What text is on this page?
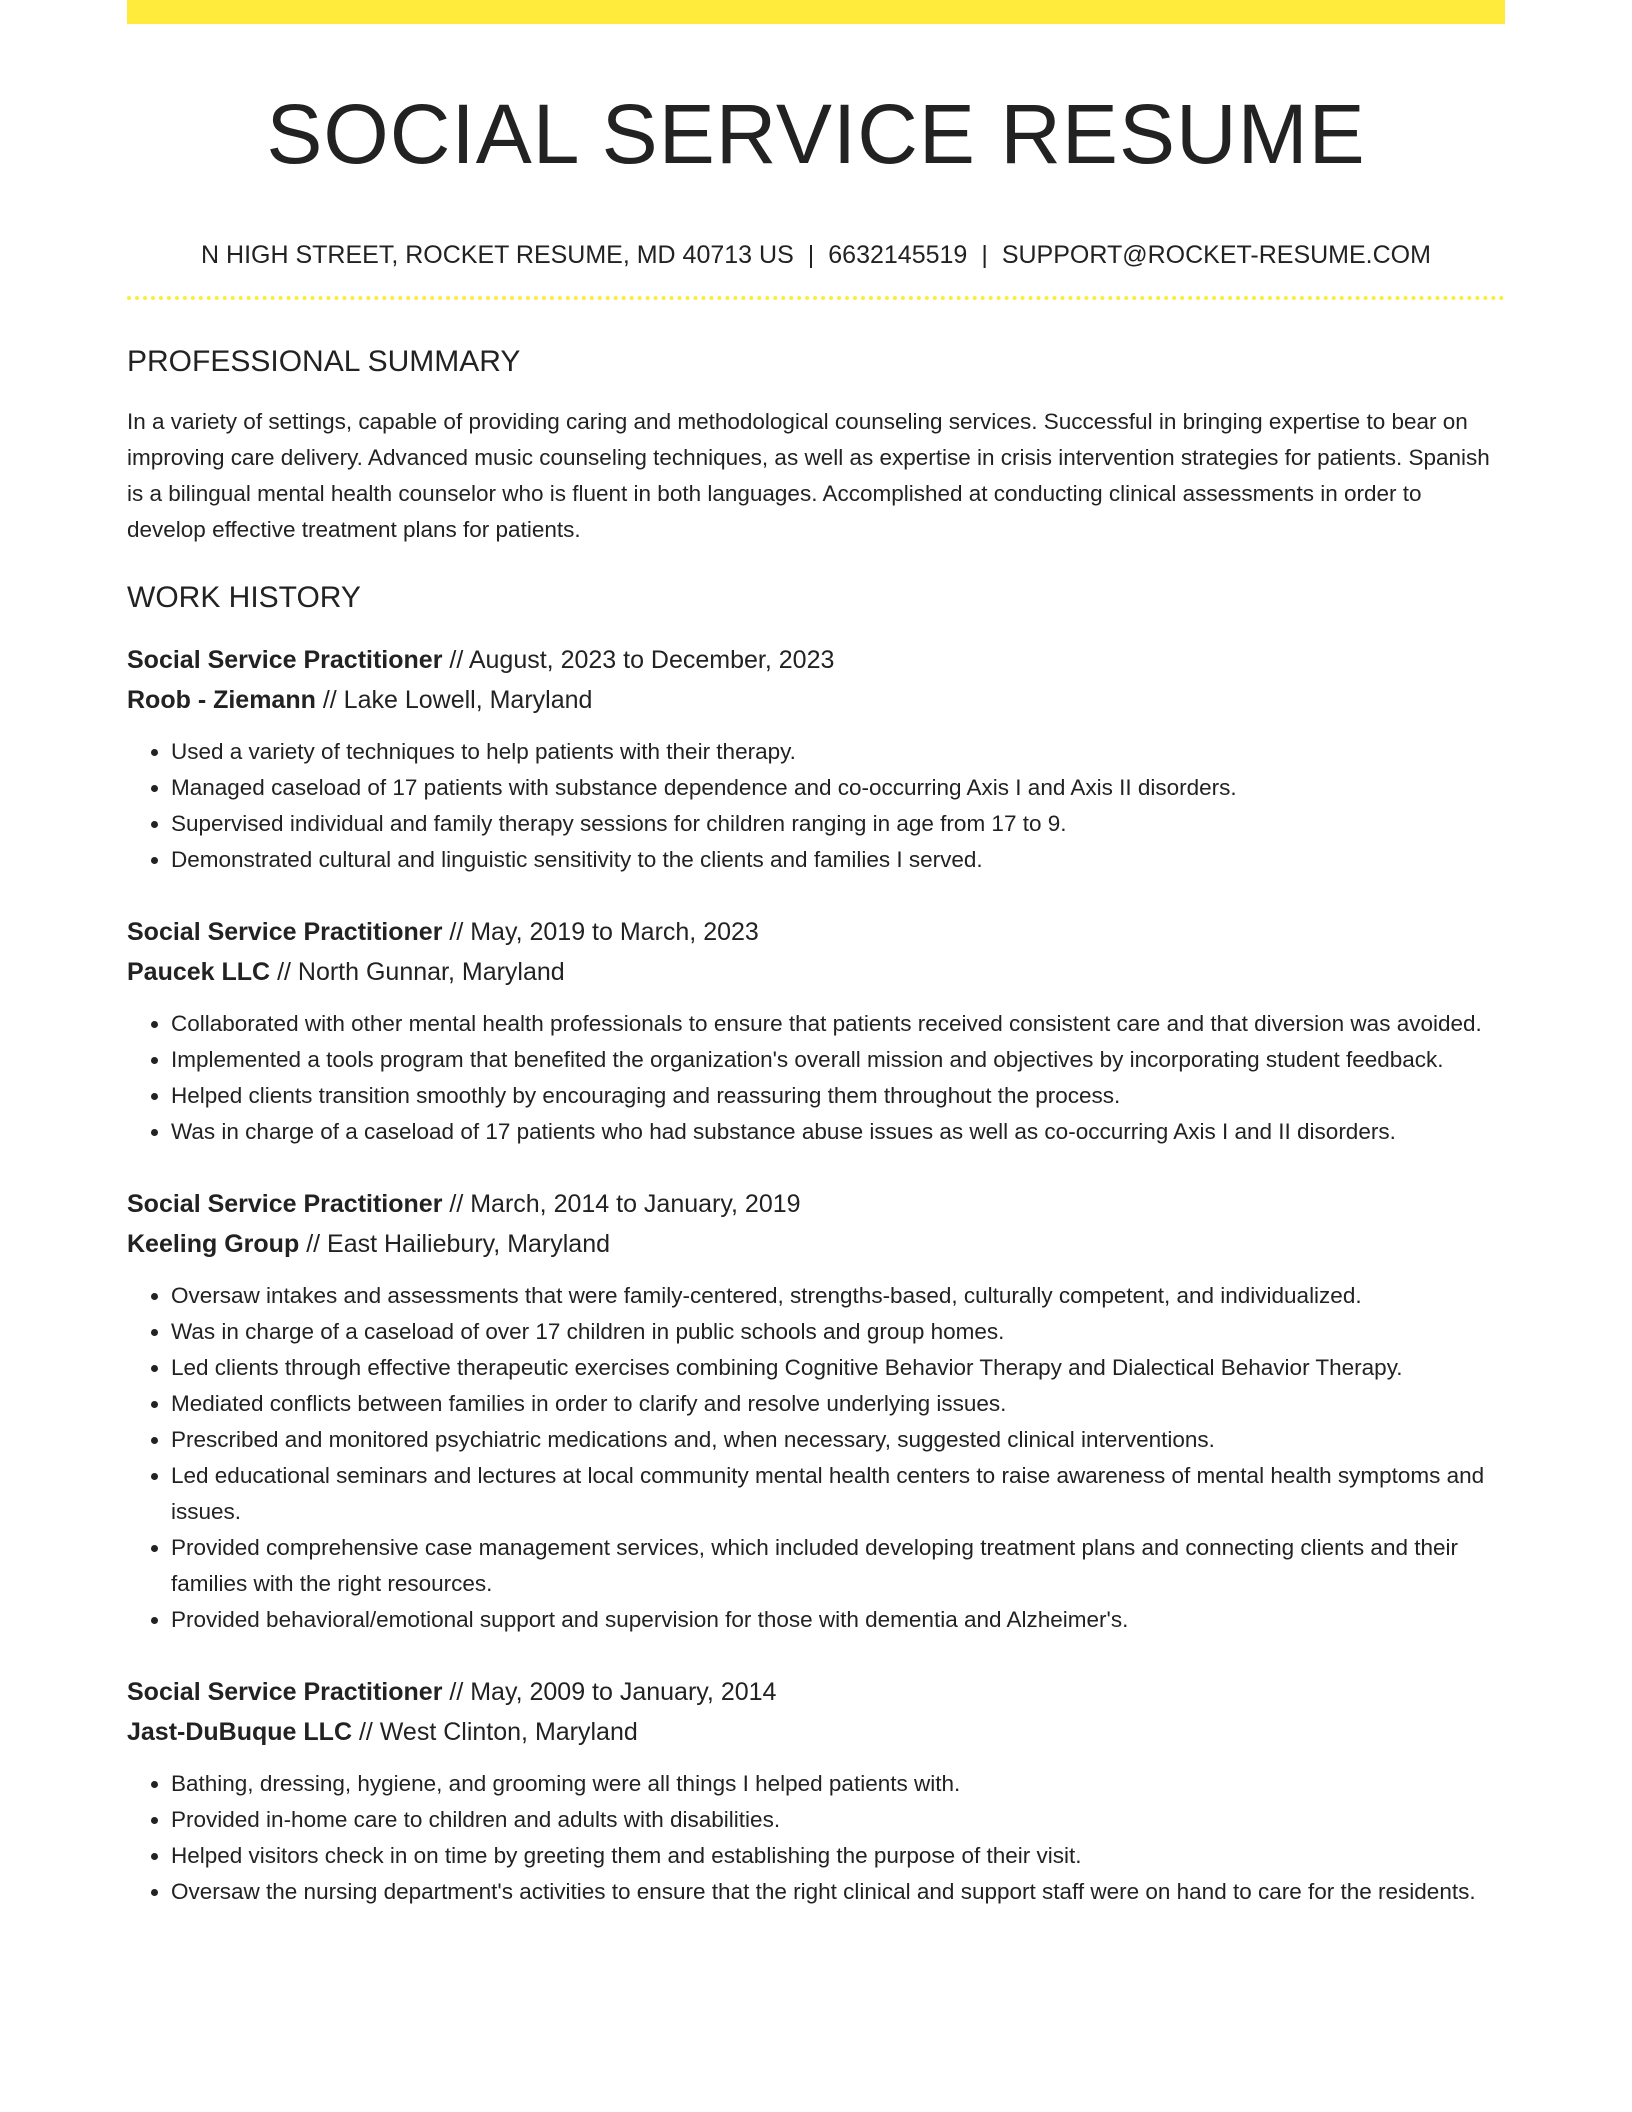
SOCIAL SERVICE RESUME
N HIGH STREET, ROCKET RESUME, MD 40713 US | 6632145519 | SUPPORT@ROCKET-RESUME.COM
PROFESSIONAL SUMMARY

In a variety of settings, capable of providing caring and methodological counseling services. Successful in bringing expertise to bear on improving care delivery. Advanced music counseling techniques, as well as expertise in crisis intervention strategies for patients. Spanish is a bilingual mental health counselor who is fluent in both languages. Accomplished at conducting clinical assessments in order to develop effective treatment plans for patients.

WORK HISTORY
Social Service Practitioner // August, 2023 to December, 2023
Roob - Ziemann // Lake Lowell, Maryland
• Used a variety of techniques to help patients with their therapy.
• Managed caseload of 17 patients with substance dependence and co-occurring Axis I and Axis II disorders.
• Supervised individual and family therapy sessions for children ranging in age from 17 to 9.
• Demonstrated cultural and linguistic sensitivity to the clients and families I served.
Social Service Practitioner // May, 2019 to March, 2023
Paucek LLC // North Gunnar, Maryland
• Collaborated with other mental health professionals to ensure that patients received consistent care and that diversion was avoided.
• Implemented a tools program that benefited the organization's overall mission and objectives by incorporating student feedback.
• Helped clients transition smoothly by encouraging and reassuring them throughout the process.
• Was in charge of a caseload of 17 patients who had substance abuse issues as well as co-occurring Axis I and II disorders.
Social Service Practitioner // March, 2014 to January, 2019
Keeling Group // East Hailiebury, Maryland
• Oversaw intakes and assessments that were family-centered, strengths-based, culturally competent, and individualized.
• Was in charge of a caseload of over 17 children in public schools and group homes.
• Led clients through effective therapeutic exercises combining Cognitive Behavior Therapy and Dialectical Behavior Therapy.
• Mediated conflicts between families in order to clarify and resolve underlying issues.
• Prescribed and monitored psychiatric medications and, when necessary, suggested clinical interventions.
• Led educational seminars and lectures at local community mental health centers to raise awareness of mental health symptoms and issues.
• Provided comprehensive case management services, which included developing treatment plans and connecting clients and their families with the right resources.
• Provided behavioral/emotional support and supervision for those with dementia and Alzheimer's.
Social Service Practitioner // May, 2009 to January, 2014
Jast-DuBuque LLC // West Clinton, Maryland
• Bathing, dressing, hygiene, and grooming were all things I helped patients with.
• Provided in-home care to children and adults with disabilities.
• Helped visitors check in on time by greeting them and establishing the purpose of their visit.
• Oversaw the nursing department's activities to ensure that the right clinical and support staff were on hand to care for the residents.
